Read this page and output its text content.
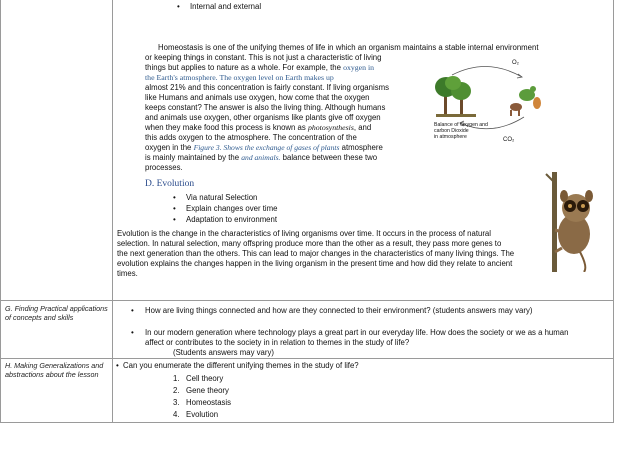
• Internal and external
Homeostasis is one of the unifying themes of life in which an organism maintains a stable internal environment
or keeping things in constant. This is not just a characteristic of living
things but applies to nature as a whole. For example, the oxygen in
the Earth's atmosphere. The oxygen level on Earth makes up
almost 21% and this concentration is fairly constant. If living organisms
like Humans and animals use oxygen, how come that the oxygen
keeps constant? The answer is also the living thing. Although humans
and animals use oxygen, other organisms like plants give off oxygen
when they make food this process is known as photosynthesis, and
this adds oxygen to the atmosphere. The concentration of the
oxygen in the Figure 3. Shows the exchange of gases of plants atmosphere
is mainly maintained by the and animals. balance between these two
processes.
O₂
CO₂
Balance of Oxygen and
carbon Dioxide
in atmosphere
D. Evolution
• Via natural Selection
• Explain changes over time
• Adaptation to environment
Evolution is the change in the characteristics of living organisms over time. It occurs in the process of natural
selection. In natural selection, many offspring produce more than the other as a result, they pass more genes to
the next generation than the others. This can lead to major changes in the characteristics of many living things. The
evolution explains the changes happen in the living organism in the present time and how did they relate to ancient
times.
G. Finding Practical applications of concepts and skills
• How are living things connected and how are they connected to their environment? (students answers may vary)
• In our modern generation where technology plays a great part in our everyday life. How does the society or we as a human
affect or contributes to the society in in relation to themes in the study of life?
(Students answers may vary)
H. Making Generalizations and abstractions about the lesson
• Can you enumerate the different unifying themes in the study of life?
1. Cell theory
2. Gene theory
3. Homeostasis
4. Evolution
